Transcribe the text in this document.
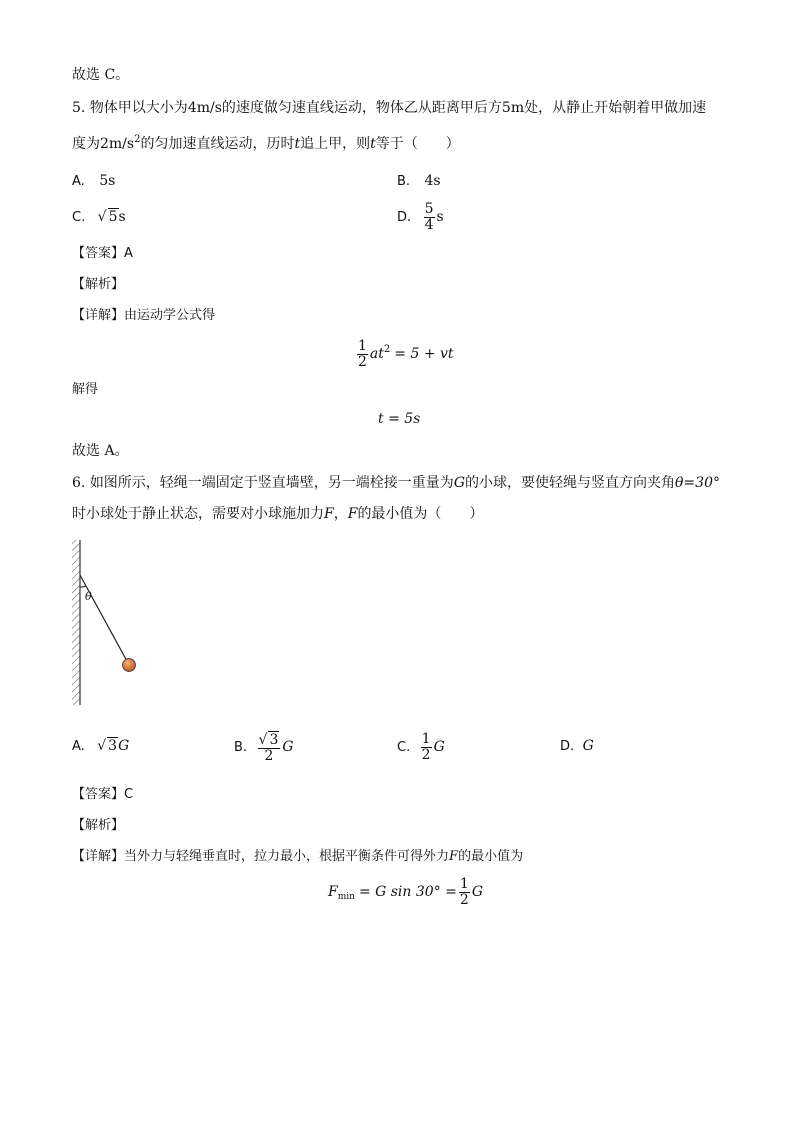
故选 C。
5. 物体甲以大小为4m/s的速度做匀速直线运动，物体乙从距离甲后方5m处，从静止开始朝着甲做加速
度为$2m/s^2$的匀加速直线运动，历时t追上甲，则t等于（　　）
A. 5s	B. 4s
C. √ 5s	D. $\frac{5}{4}$ s
【答案】A
【解析】
【详解】由运动学公式得
$\frac{1}{2} at^2 = 5$ + vt
解得
t = 5s
故选 A。
6. 如图所示，轻绳一端固定于竖直墙壁，另一端栓接一重量为G的小球，要使轻绳与竖直方向夹角θ=30°
时小球处于静止状态，需要对小球施加力F，F的最小值为（　　）
θ
A. √ 3G	B. $\frac{√ 3}{2}$ G	C. $\frac{1}{2}$ G	D. G
【答案】C
【解析】
【详解】当外力与轻绳垂直时，拉力最小，根据平衡条件可得外力F的最小值为
$F_{min} = G$ $\sin 30^\circ = \frac{1}{2}$ G
